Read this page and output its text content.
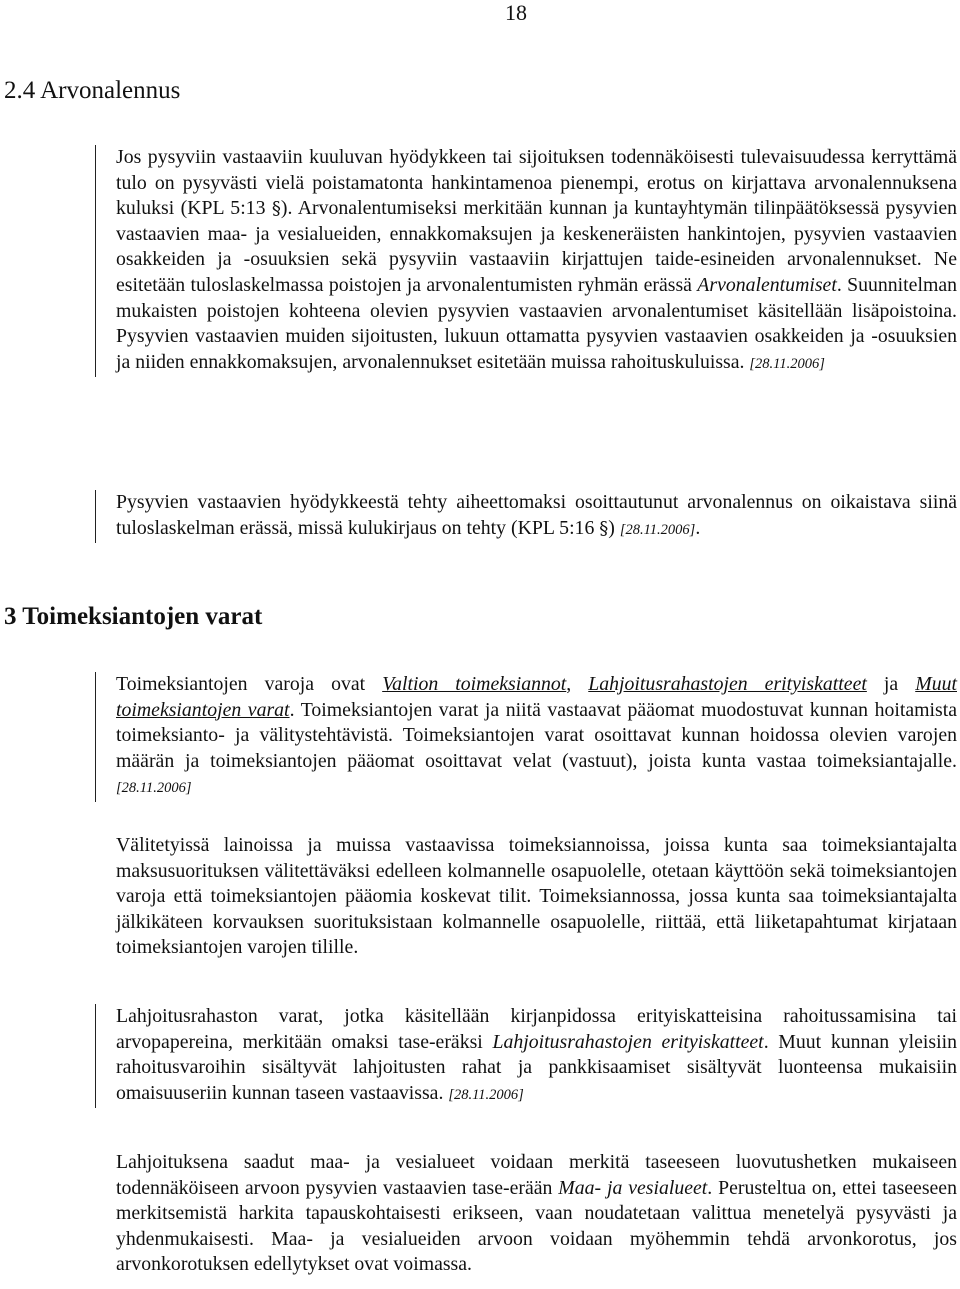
18
2.4 Arvonalennus

Jos pysyviin vastaaviin kuuluvan hyödykkeen tai sijoituksen todennäköisesti tulevaisuudessa kerryttämä tulo on pysyvästi vielä poistamatonta hankintamenoa pienempi, erotus on kirjattava arvonalennuksena kuluksi (KPL 5:13 §). Arvonalentumiseksi merkitään kunnan ja kuntayhtymän tilinpäätöksessä pysyvien vastaavien maa- ja vesialueiden, ennakkomaksujen ja keskeneräisten hankintojen, pysyvien vastaavien osakkeiden ja -osuuksien sekä pysyviin vastaaviin kirjattujen taide-esineiden arvonalennukset. Ne esitetään tuloslaskelmassa poistojen ja arvonalentumisten ryhmän erässä Arvonalentumiset. Suunnitelman mukaisten poistojen kohteena olevien pysyvien vastaavien arvonalentumiset käsitellään lisäpoistoina. Pysyvien vastaavien muiden sijoitusten, lukuun ottamatta pysyvien vastaavien osakkeiden ja -osuuksien ja niiden ennakkomaksujen, arvonalennukset esitetään muissa rahoituskuluissa. [28.11.2006]

Pysyvien vastaavien hyödykkeestä tehty aiheettomaksi osoittautunut arvonalennus on oikaistava siinä tuloslaskelman erässä, missä kulukirjaus on tehty (KPL 5:16 §) [28.11.2006].

3 Toimeksiantojen varat

Toimeksiantojen varoja ovat Valtion toimeksiannot, Lahjoitusrahastojen erityiskatteet ja Muut toimeksiantojen varat. Toimeksiantojen varat ja niitä vastaavat pääomat muodostuvat kunnan hoitamista toimeksianto- ja välitystehtävistä. Toimeksiantojen varat osoittavat kunnan hoidossa olevien varojen määrän ja toimeksiantojen pääomat osoittavat velat (vastuut), joista kunta vastaa toimeksiantajalle. [28.11.2006]

Välitetyissä lainoissa ja muissa vastaavissa toimeksiannoissa, joissa kunta saa toimeksiantajalta maksusuorituksen välitettäväksi edelleen kolmannelle osapuolelle, otetaan käyttöön sekä toimeksiantojen varoja että toimeksiantojen pääomia koskevat tilit. Toimeksiannossa, jossa kunta saa toimeksiantajalta jälkikäteen korvauksen suorituksistaan kolmannelle osapuolelle, riittää, että liiketapahtumat kirjataan toimeksiantojen varojen tilille.

Lahjoitusrahaston varat, jotka käsitellään kirjanpidossa erityiskatteisina rahoitussamisina tai arvopapereina, merkitään omaksi tase-eräksi Lahjoitusrahastojen erityiskatteet. Muut kunnan yleisiin rahoitusvaroihin sisältyvät lahjoitusten rahat ja pankkisaamiset sisältyvät luonteensa mukaisiin omaisuuseriin kunnan taseen vastaavissa. [28.11.2006]

Lahjoituksena saadut maa- ja vesialueet voidaan merkitä taseeseen luovutushetken mukaiseen todennäköiseen arvoon pysyvien vastaavien tase-erään Maa- ja vesialueet. Perusteltua on, ettei taseeseen merkitsemistä harkita tapauskohtaisesti erikseen, vaan noudatetaan valittua menetelyä pysyvästi ja yhdenmukaisesti. Maa- ja vesialueiden arvoon voidaan myöhemmin tehdä arvonkorotus, jos arvonkorotuksen edellytykset ovat voimassa.
